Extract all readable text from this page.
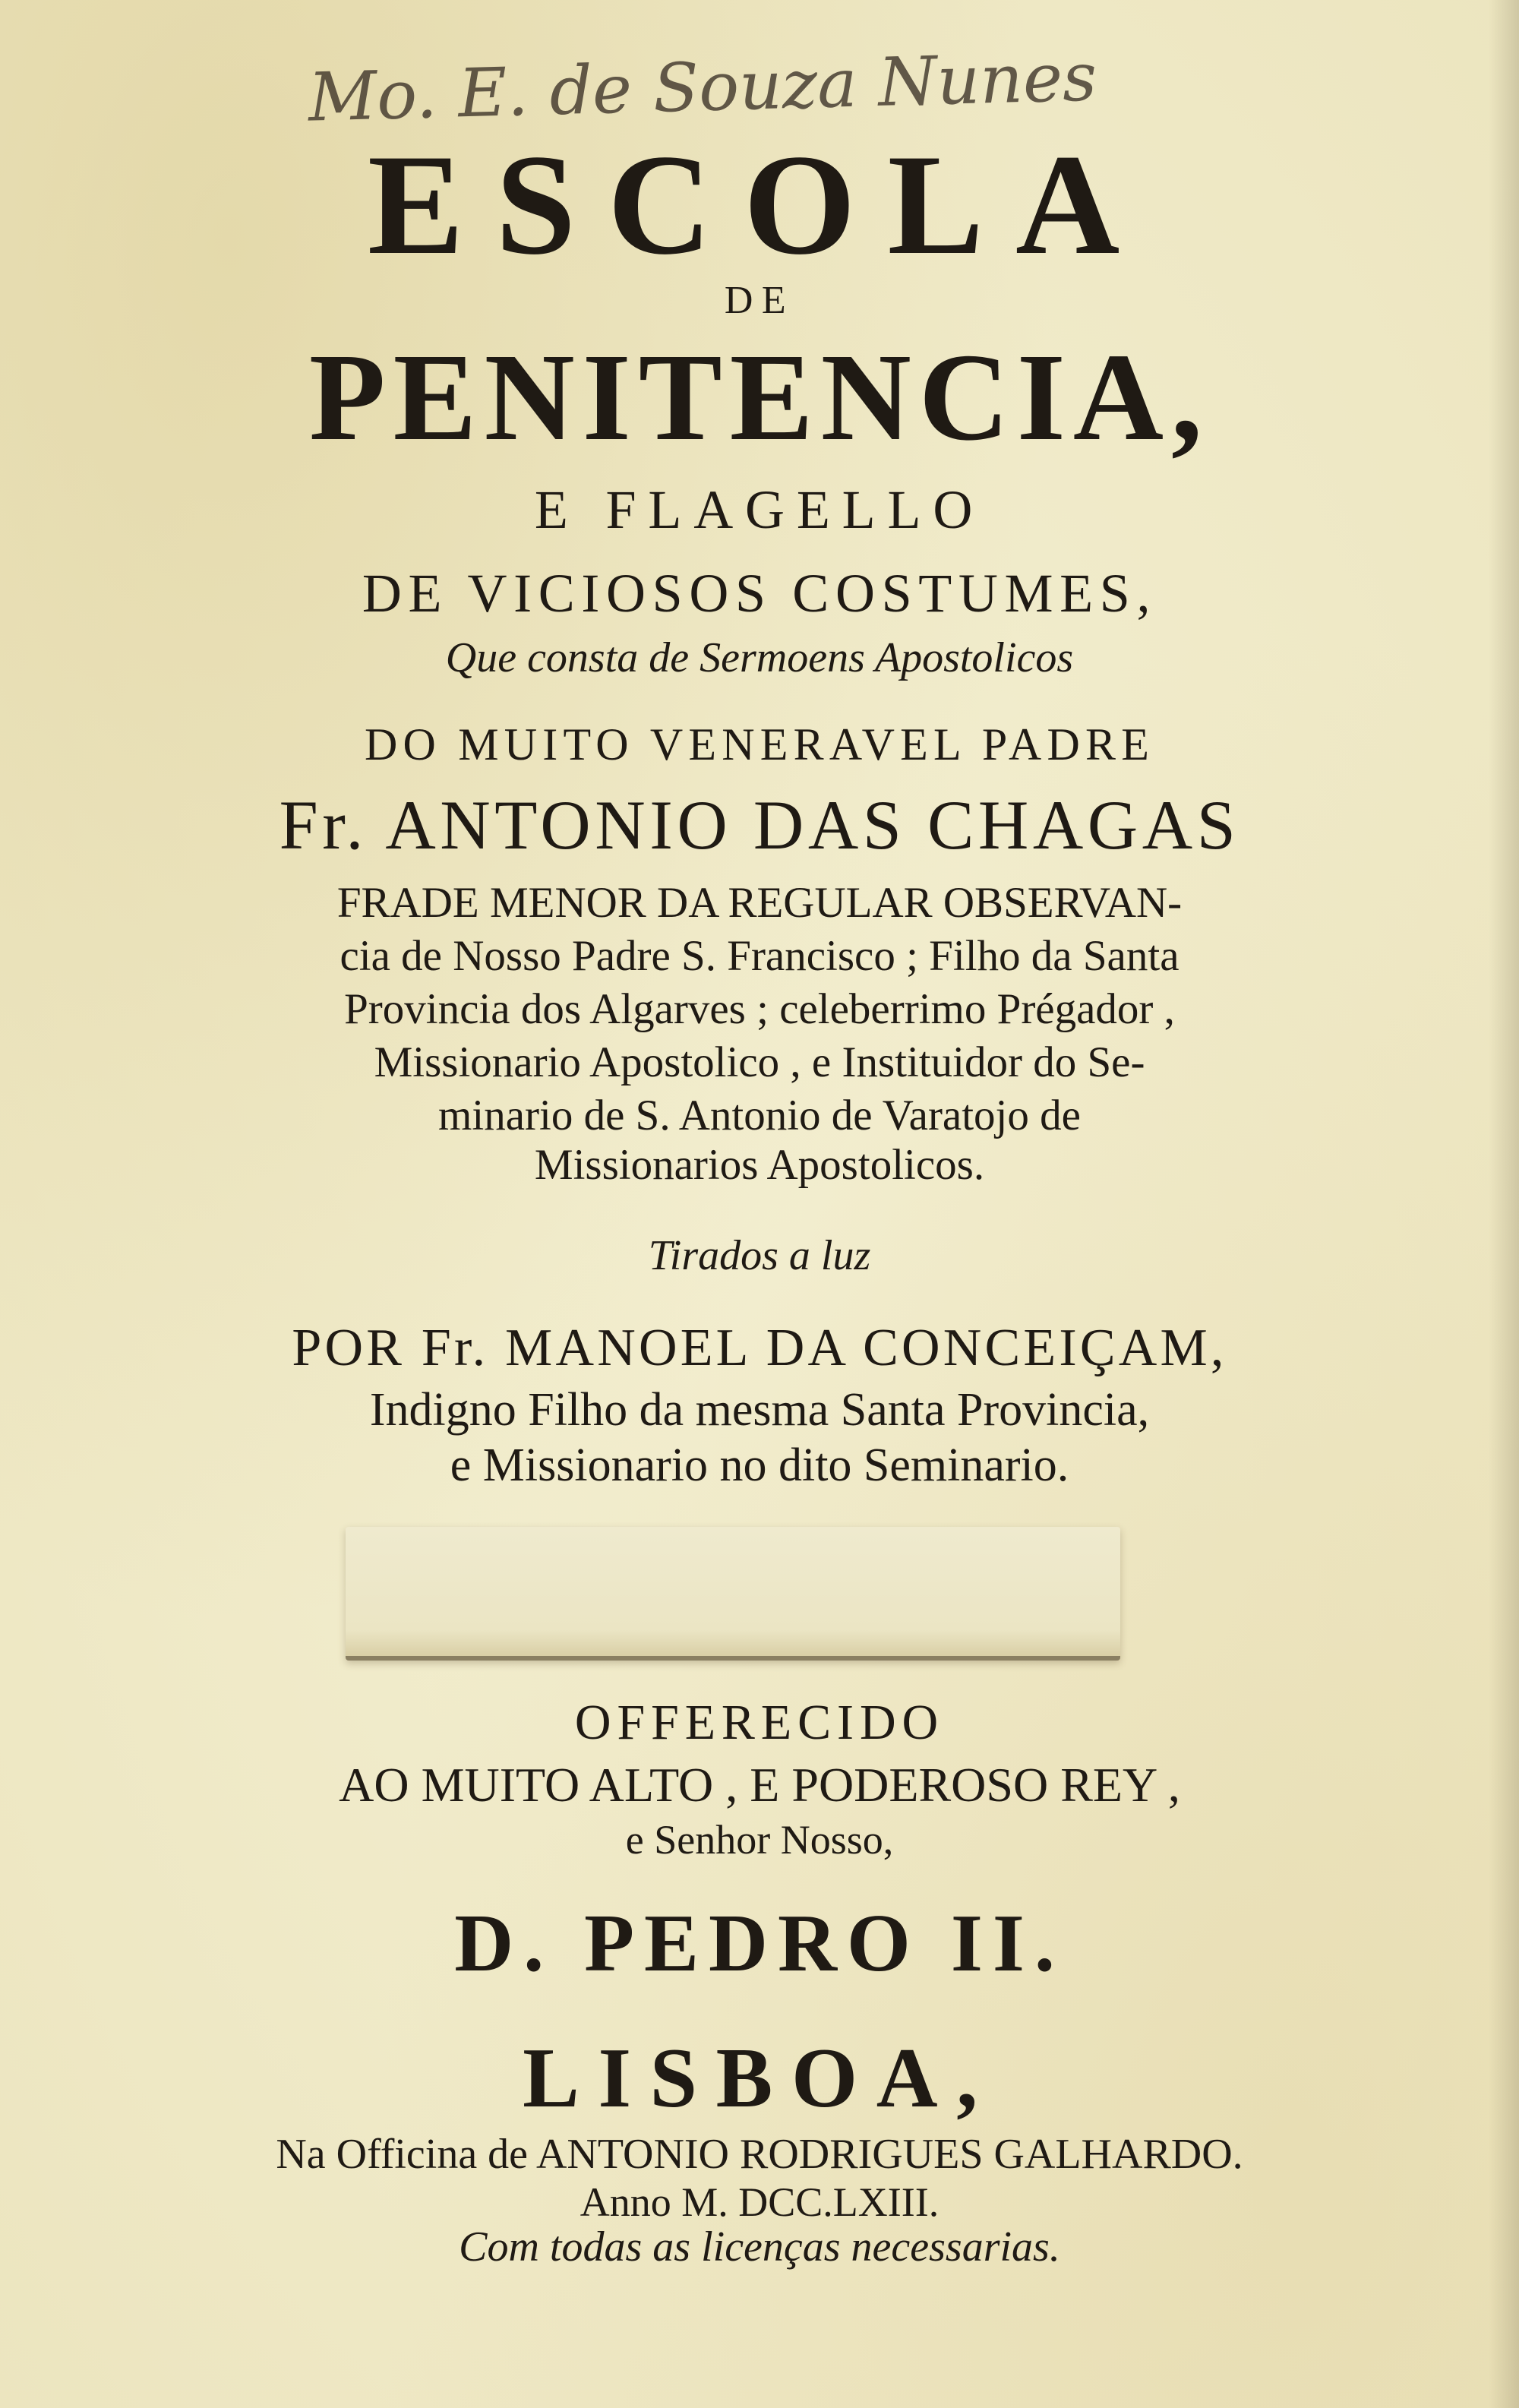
Mo. E. de Souza Nunes
ESCOLA
DE
PENITENCIA,
E FLAGELLO
DE VICIOSOS COSTUMES,
Que consta de Sermoens Apostolicos
DO MUITO VENERAVEL PADRE
Fr. ANTONIO DAS CHAGAS
FRADE MENOR DA REGULAR OBSERVAN-
cia de Nosso Padre S. Francisco ; Filho da Santa
Provincia dos Algarves ; celeberrimo Prégador ,
Missionario Apostolico , e Instituidor do Se-
minario de S. Antonio de Varatojo de
Missionarios Apostolicos.
Tirados a luz
POR Fr. MANOEL DA CONCEIÇAM,
Indigno Filho da mesma Santa Provincia,
e Missionario no dito Seminario.
OFFERECIDO
AO MUITO ALTO , E PODEROSO REY ,
e Senhor Nosso,
D. PEDRO II.
LISBOA,
Na Officina de ANTONIO RODRIGUES GALHARDO.
Anno M. DCC.LXIII.
Com todas as licenças necessarias.
